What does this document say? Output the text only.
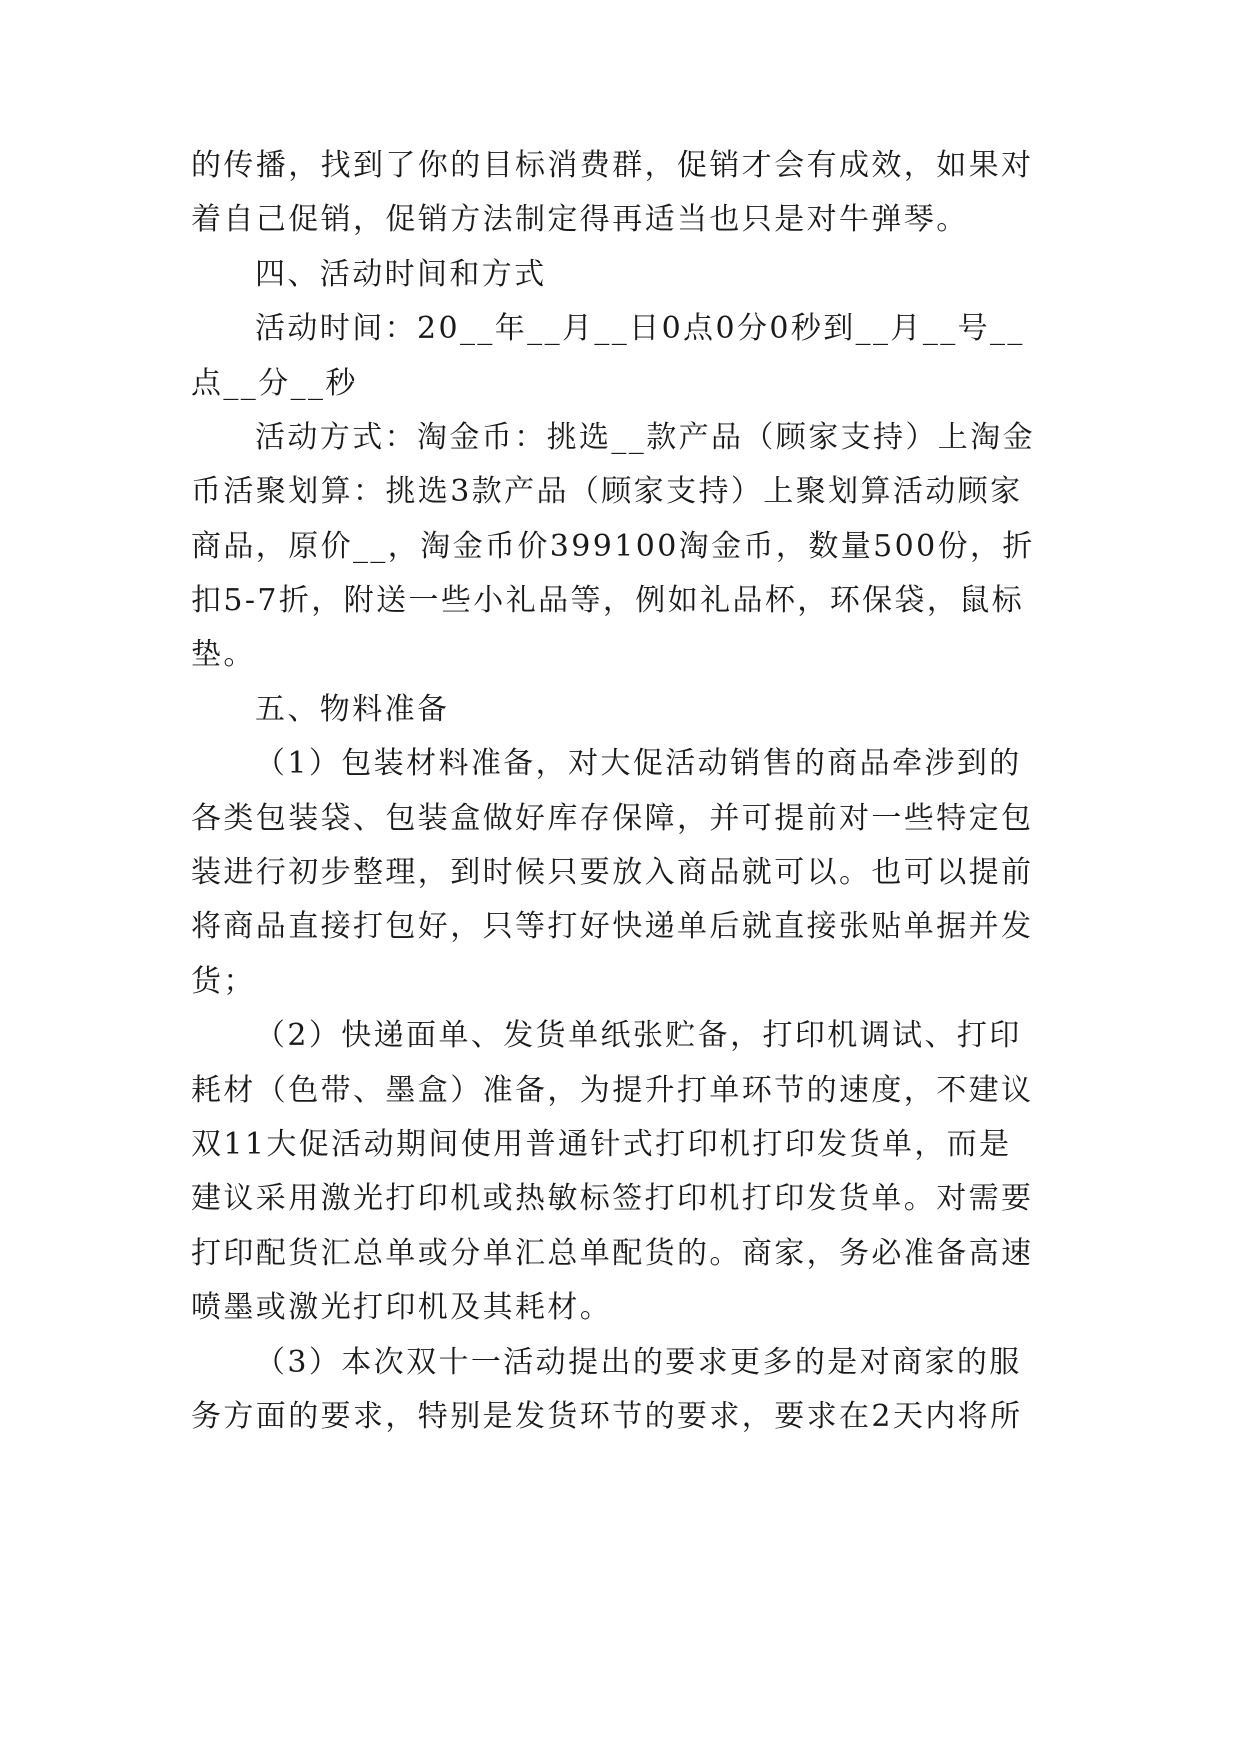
的传播，找到了你的目标消费群，促销才会有成效，如果对
着自己促销，促销方法制定得再适当也只是对牛弹琴。
四、活动时间和方式
活动时间：20__年__月__日0点0分0秒到__月__号__
点__分__秒
活动方式：淘金币：挑选__款产品（顾家支持）上淘金
币活聚划算：挑选3款产品（顾家支持）上聚划算活动顾家
商品，原价__，淘金币价399100淘金币，数量500份，折
扣5-7折，附送一些小礼品等，例如礼品杯，环保袋，鼠标
垫。
五、物料准备
（1）包装材料准备，对大促活动销售的商品牵涉到的
各类包装袋、包装盒做好库存保障，并可提前对一些特定包
装进行初步整理，到时候只要放入商品就可以。也可以提前
将商品直接打包好，只等打好快递单后就直接张贴单据并发
货；
（2）快递面单、发货单纸张贮备，打印机调试、打印
耗材（色带、墨盒）准备，为提升打单环节的速度，不建议
双11大促活动期间使用普通针式打印机打印发货单，而是
建议采用激光打印机或热敏标签打印机打印发货单。对需要
打印配货汇总单或分单汇总单配货的。商家，务必准备高速
喷墨或激光打印机及其耗材。
（3）本次双十一活动提出的要求更多的是对商家的服
务方面的要求，特别是发货环节的要求，要求在2天内将所
